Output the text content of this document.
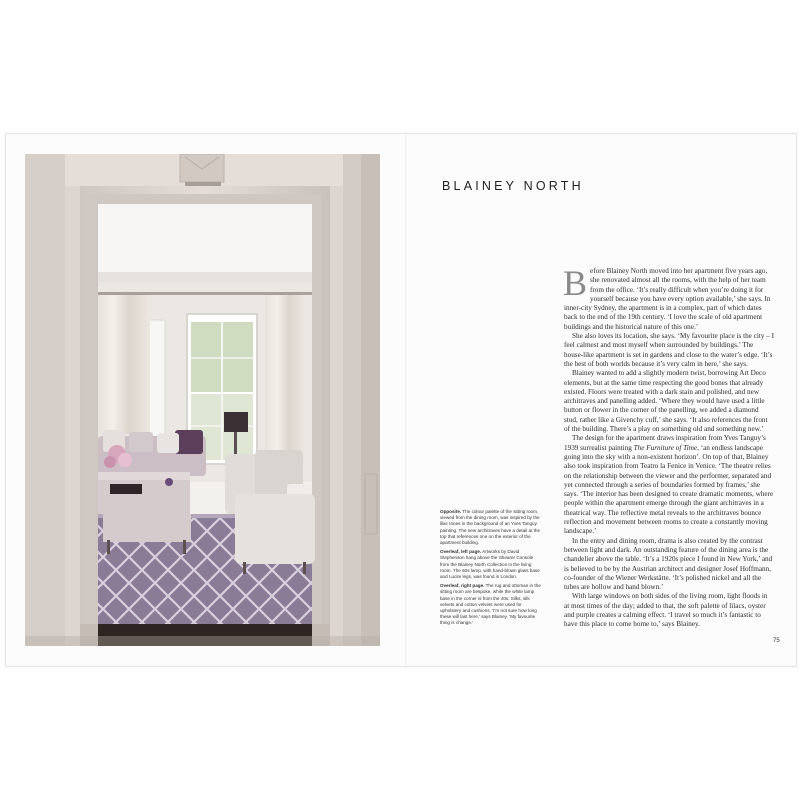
Opposite. The colour palette of the sitting room, viewed from the dining room, was inspired by the lilac tones in the background of an Yves Tanguy painting. The new architraves have a detail at the top that references one on the exterior of the apartment building.

Overleaf, left page. Artworks by David Stephenson hang above the Shearer Console from the Blainey North Collection in the living room. The 60s lamp, with hand-blown glass base and Lucite legs, was found in London.

Overleaf, right page. The rug and ottoman in the sitting room are bespoke, while the white lamp base in the corner is from the 40s. Silks, silk velvets and cotton velvets were used for upholstery and cushions. ‘I’m not sure how long these will last here,’ says Blainey. ‘My favourite thing is change.’

BLAINEY NORTH

Before Blainey North moved into her apartment five years ago, she renovated almost all the rooms, with the help of her team from the office. ‘It’s really difficult when you’re doing it for yourself because you have every option available,’ she says. In inner-city Sydney, the apartment is in a complex, part of which dates back to the end of the 19th century. ‘I love the scale of old apartment buildings and the historical nature of this one.’

She also loves its location, she says. ‘My favourite place is the city – I feel calmest and most myself when surrounded by buildings.’ The house-like apartment is set in gardens and close to the water’s edge. ‘It’s the best of both worlds because it’s very calm in here,’ she says.

Blainey wanted to add a slightly modern twist, borrowing Art Deco elements, but at the same time respecting the good bones that already existed. Floors were treated with a dark stain and polished, and new architraves and panelling added. ‘Where they would have used a little button or flower in the corner of the panelling, we added a diamond stud, rather like a Givenchy cuff,’ she says. ‘It also references the front of the building. There’s a play on something old and something new.’

The design for the apartment draws inspiration from Yves Tanguy’s 1939 surrealist painting The Furniture of Time, ‘an endless landscape going into the sky with a non-existent horizon’. On top of that, Blainey also took inspiration from Teatro la Fenice in Venice. ‘The theatre relies on the relationship between the viewer and the performer, separated and yet connected through a series of boundaries formed by frames,’ she says. ‘The interior has been designed to create dramatic moments, where people within the apartment emerge through the giant architraves in a theatrical way. The reflective metal reveals to the architraves bounce reflection and movement between rooms to create a constantly moving landscape.’

In the entry and dining room, drama is also created by the contrast between light and dark. An outstanding feature of the dining area is the chandelier above the table. ‘It’s a 1920s piece I found in New York,’ and is believed to be by the Austrian architect and designer Josef Hoffmann, co-founder of the Wiener Werkstätte. ‘It’s polished nickel and all the tubes are hollow and hand blown.’

With large windows on both sides of the living room, light floods in at most times of the day; added to that, the soft palette of lilacs, oyster and purple creates a calming effect. ‘I travel so much it’s fantastic to have this place to come home to,’ says Blainey.

75
